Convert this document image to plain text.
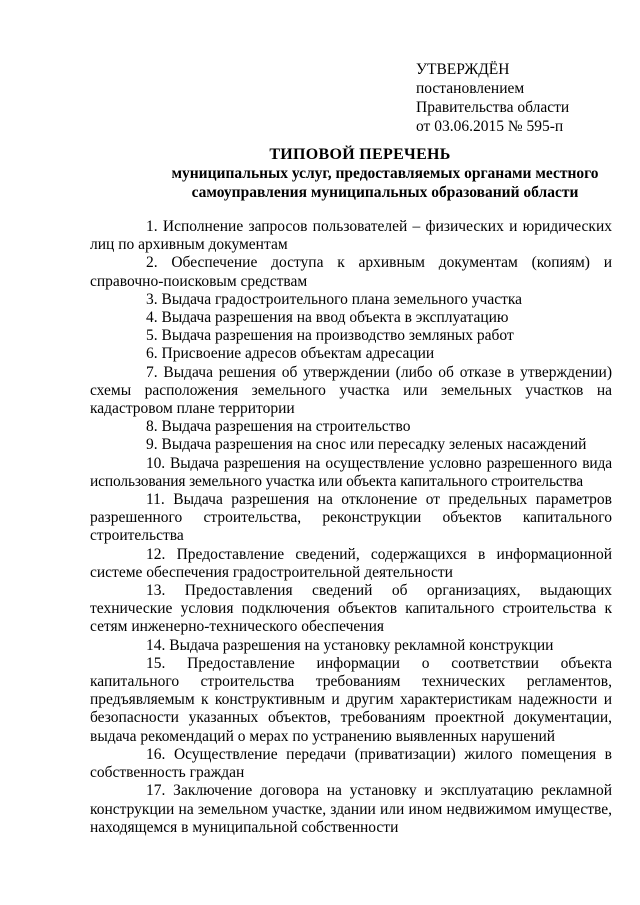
УТВЕРЖДЁН
постановлением
Правительства области
от 03.06.2015 № 595-п
ТИПОВОЙ ПЕРЕЧЕНЬ
муниципальных услуг, предоставляемых органами местного самоуправления муниципальных образований области

1. Исполнение запросов пользователей – физических и юридических лиц по архивным документам

2. Обеспечение доступа к архивным документам (копиям) и справочно-поисковым средствам

3. Выдача градостроительного плана земельного участка

4. Выдача разрешения на ввод объекта в эксплуатацию

5. Выдача разрешения на производство земляных работ

6. Присвоение адресов объектам адресации

7. Выдача решения об утверждении (либо об отказе в утверждении) схемы расположения земельного участка или земельных участков на кадастровом плане территории

8. Выдача разрешения на строительство

9. Выдача разрешения на снос или пересадку зеленых насаждений

10. Выдача разрешения на осуществление условно разрешенного вида использования земельного участка или объекта капитального строительства

11. Выдача разрешения на отклонение от предельных параметров разрешенного строительства, реконструкции объектов капитального строительства

12. Предоставление сведений, содержащихся в информационной системе обеспечения градостроительной деятельности

13. Предоставления сведений об организациях, выдающих технические условия подключения объектов капитального строительства к сетям инженерно-технического обеспечения

14. Выдача разрешения на установку рекламной конструкции

15. Предоставление информации о соответствии объекта капитального строительства требованиям технических регламентов, предъявляемым к конструктивным и другим характеристикам надежности и безопасности указанных объектов, требованиям проектной документации, выдача рекомендаций о мерах по устранению выявленных нарушений

16. Осуществление передачи (приватизации) жилого помещения в собственность граждан

17. Заключение договора на установку и эксплуатацию рекламной конструкции на земельном участке, здании или ином недвижимом имуществе, находящемся в муниципальной собственности
